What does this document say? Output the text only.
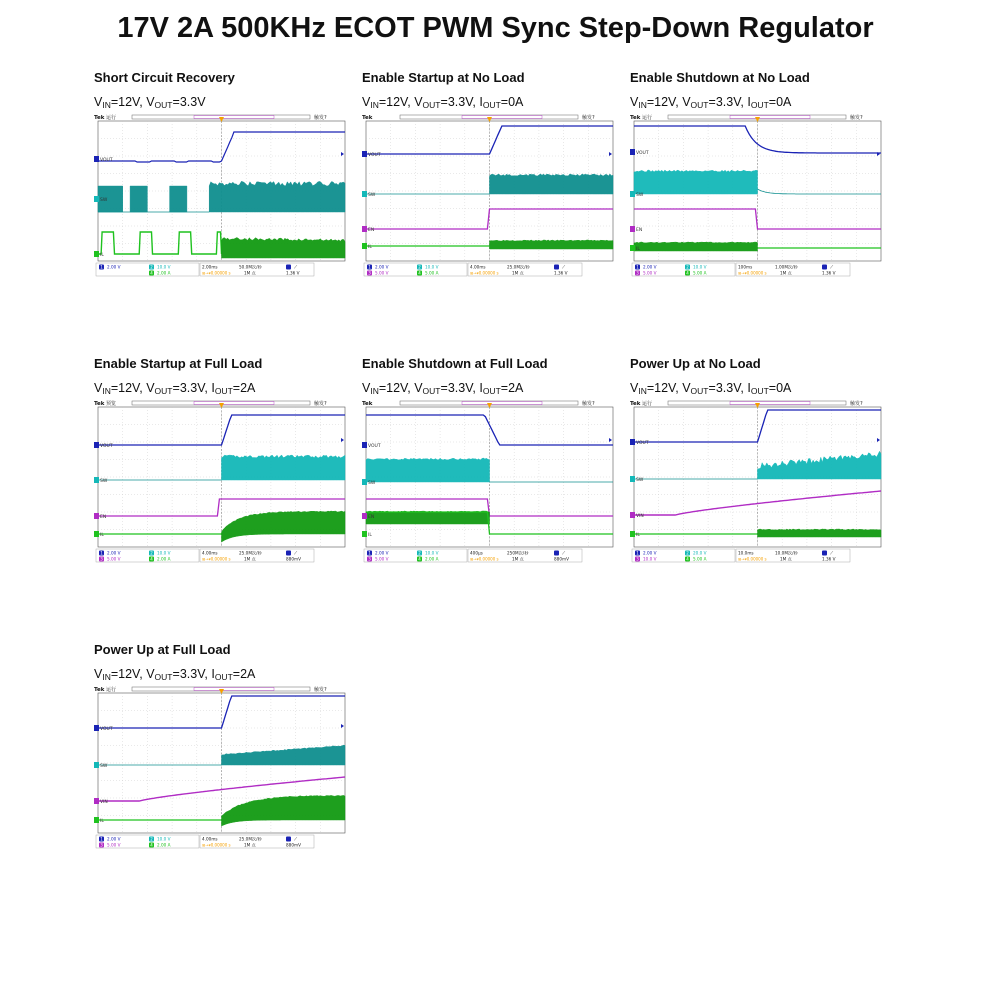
17V 2A 500KHz ECOT PWM Sync Step-Down Regulator
Short Circuit Recovery
$V_{IN}=12V$, $V_{OUT}=3.3V$
Tek 运行	触发?
VOUT
SW
IL
1 2.00 V	2 10.0 V
4 2.00 A
2.00ms	50.0M次/秒
⊞→▾0.00000 s	1M 点
⟋
1.36 V
Enable Startup at No Load
$V_{IN}=12V$, $V_{OUT}=3.3V$, $I_{OUT}=0A$
Tek	触发?
VOUT
SW
EN
IL
1 2.00 V	2 10.0 V
3 5.00 V	4 5.00 A
4.00ms	25.0M次/秒
⊞→▾0.00000 s	1M 点
⟋
1.36 V
Enable Shutdown at No Load
$V_{IN}=12V$, $V_{OUT}=3.3V$, $I_{OUT}=0A$
Tek 运行	触发?
VOUT
SW
EN
IL
1 2.00 V	2 10.0 V
3 5.00 V	4 5.00 A
100ms	1.00M次/秒
⊞→▾0.00000 s	1M 点
⟋
1.36 V
Enable Startup at Full Load
$V_{IN}=12V$, $V_{OUT}=3.3V$, $I_{OUT}=2A$
Tek 预览	触发?
VOUT
SW
EN
IL
1 2.00 V	2 10.0 V
3 5.00 V	4 2.00 A
4.00ms	25.0M次/秒
⊞→▾0.00000 s	1M 点
⟋
880mV
Enable Shutdown at Full Load
$V_{IN}=12V$, $V_{OUT}=3.3V$, $I_{OUT}=2A$
Tek	触发?
VOUT
SW
EN
IL
1 2.00 V	2 10.0 V
3 5.00 V	4 2.00 A
400μs	250M次/秒
⊞→▾0.00000 s	1M 点
⟋
880mV
Power Up at No Load
$V_{IN}=12V$, $V_{OUT}=3.3V$, $I_{OUT}=0A$
Tek 运行	触发?
VOUT
SW
VIN
IL
1 2.00 V	2 20.0 V
3 10.0 V	4 5.00 A
10.0ms	10.0M次/秒
⊞→▾0.00000 s	1M 点
⟋
1.36 V
Power Up at Full Load
$V_{IN}=12V$, $V_{OUT}=3.3V$, $I_{OUT}=2A$
Tek 运行	触发?
VOUT
SW
VIN
IL
1 2.00 V	2 10.0 V
3 5.00 V	4 2.00 A
4.00ms	25.0M次/秒
⊞→▾0.00000 s	1M 点
⟋
880mV
